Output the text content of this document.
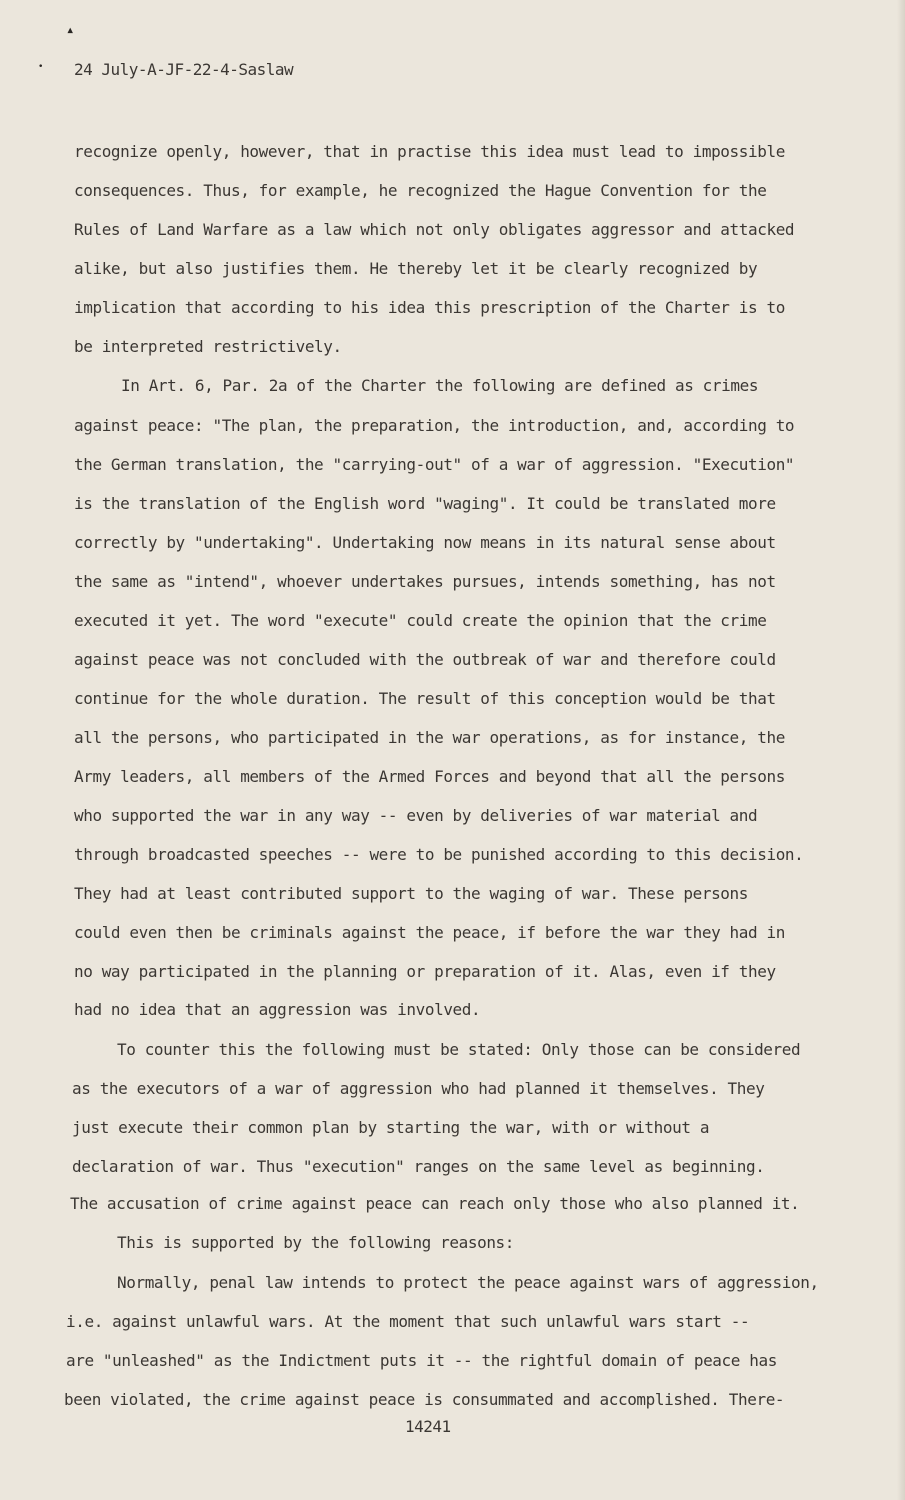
▴
• 24 July-A-JF-22-4-Saslaw
recognize openly, however, that in practise this idea must lead to impossible
consequences. Thus, for example, he recognized the Hague Convention for the
Rules of Land Warfare as a law which not only obligates aggressor and attacked
alike, but also justifies them. He thereby let it be clearly recognized by
implication that according to his idea this prescription of the Charter is to
be interpreted restrictively.
In Art. 6, Par. 2a of the Charter the following are defined as crimes
against peace: "The plan, the preparation, the introduction, and, according to
the German translation, the "carrying-out" of a war of aggression. "Execution"
is the translation of the English word "waging". It could be translated more
correctly by "undertaking". Undertaking now means in its natural sense about
the same as "intend", whoever undertakes pursues, intends something, has not
executed it yet. The word "execute" could create the opinion that the crime
against peace was not concluded with the outbreak of war and therefore could
continue for the whole duration. The result of this conception would be that
all the persons, who participated in the war operations, as for instance, the
Army leaders, all members of the Armed Forces and beyond that all the persons
who supported the war in any way -- even by deliveries of war material and
through broadcasted speeches -- were to be punished according to this decision.
They had at least contributed support to the waging of war. These persons
could even then be criminals against the peace, if before the war they had in
no way participated in the planning or preparation of it. Alas, even if they
had no idea that an aggression was involved.
To counter this the following must be stated: Only those can be considered
as the executors of a war of aggression who had planned it themselves. They
just execute their common plan by starting the war, with or without a
declaration of war. Thus "execution" ranges on the same level as beginning.
The accusation of crime against peace can reach only those who also planned it.
This is supported by the following reasons:
Normally, penal law intends to protect the peace against wars of aggression,
i.e. against unlawful wars. At the moment that such unlawful wars start --
are "unleashed" as the Indictment puts it -- the rightful domain of peace has
been violated, the crime against peace is consummated and accomplished. There-
14241
